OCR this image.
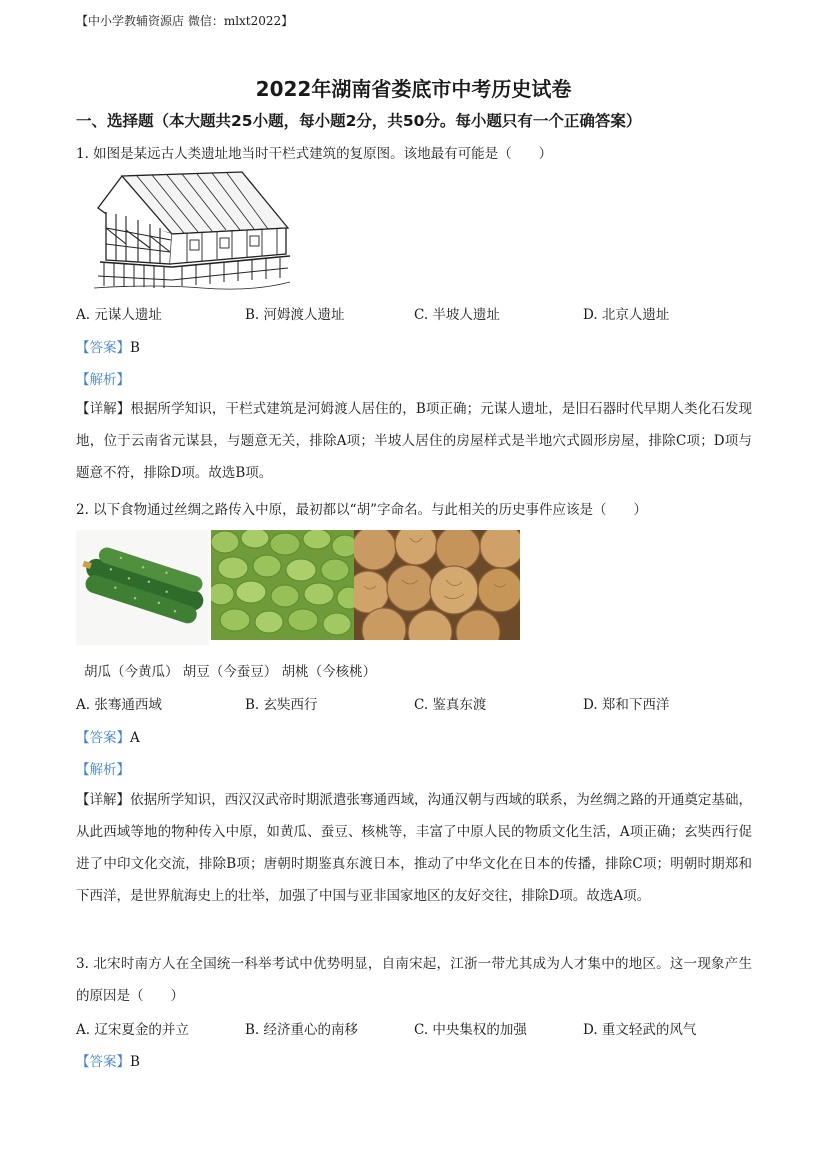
【中小学教辅资源店 微信：mlxt2022】
2022年湖南省娄底市中考历史试卷
一、选择题（本大题共25小题，每小题2分，共50分。每小题只有一个正确答案）
1. 如图是某远古人类遗址地当时干栏式建筑的复原图。该地最有可能是（　　）
A. 元谋人遗址	B. 河姆渡人遗址	C. 半坡人遗址	D. 北京人遗址
【答案】B
【解析】
【详解】根据所学知识，干栏式建筑是河姆渡人居住的，B项正确；元谋人遗址，是旧石器时代早期人类化石发现地，位于云南省元谋县，与题意无关，排除A项；半坡人居住的房屋样式是半地穴式圆形房屋，排除C项；D项与题意不符，排除D项。故选B项。
2. 以下食物通过丝绸之路传入中原，最初都以“胡”字命名。与此相关的历史事件应该是（　　）
胡瓜（今黄瓜） 胡豆（今蚕豆） 胡桃（今核桃）
A. 张骞通西域	B. 玄奘西行	C. 鉴真东渡	D. 郑和下西洋
【答案】A
【解析】
【详解】依据所学知识，西汉汉武帝时期派遣张骞通西域，沟通汉朝与西域的联系，为丝绸之路的开通奠定基础，从此西域等地的物种传入中原，如黄瓜、蚕豆、核桃等，丰富了中原人民的物质文化生活，A项正确；玄奘西行促进了中印文化交流，排除B项；唐朝时期鉴真东渡日本，推动了中华文化在日本的传播，排除C项；明朝时期郑和下西洋，是世界航海史上的壮举，加强了中国与亚非国家地区的友好交往，排除D项。故选A项。
3. 北宋时南方人在全国统一科举考试中优势明显，自南宋起，江浙一带尤其成为人才集中的地区。这一现象产生的原因是（　　）
A. 辽宋夏金的并立	B. 经济重心的南移	C. 中央集权的加强	D. 重文轻武的风气
【答案】B
